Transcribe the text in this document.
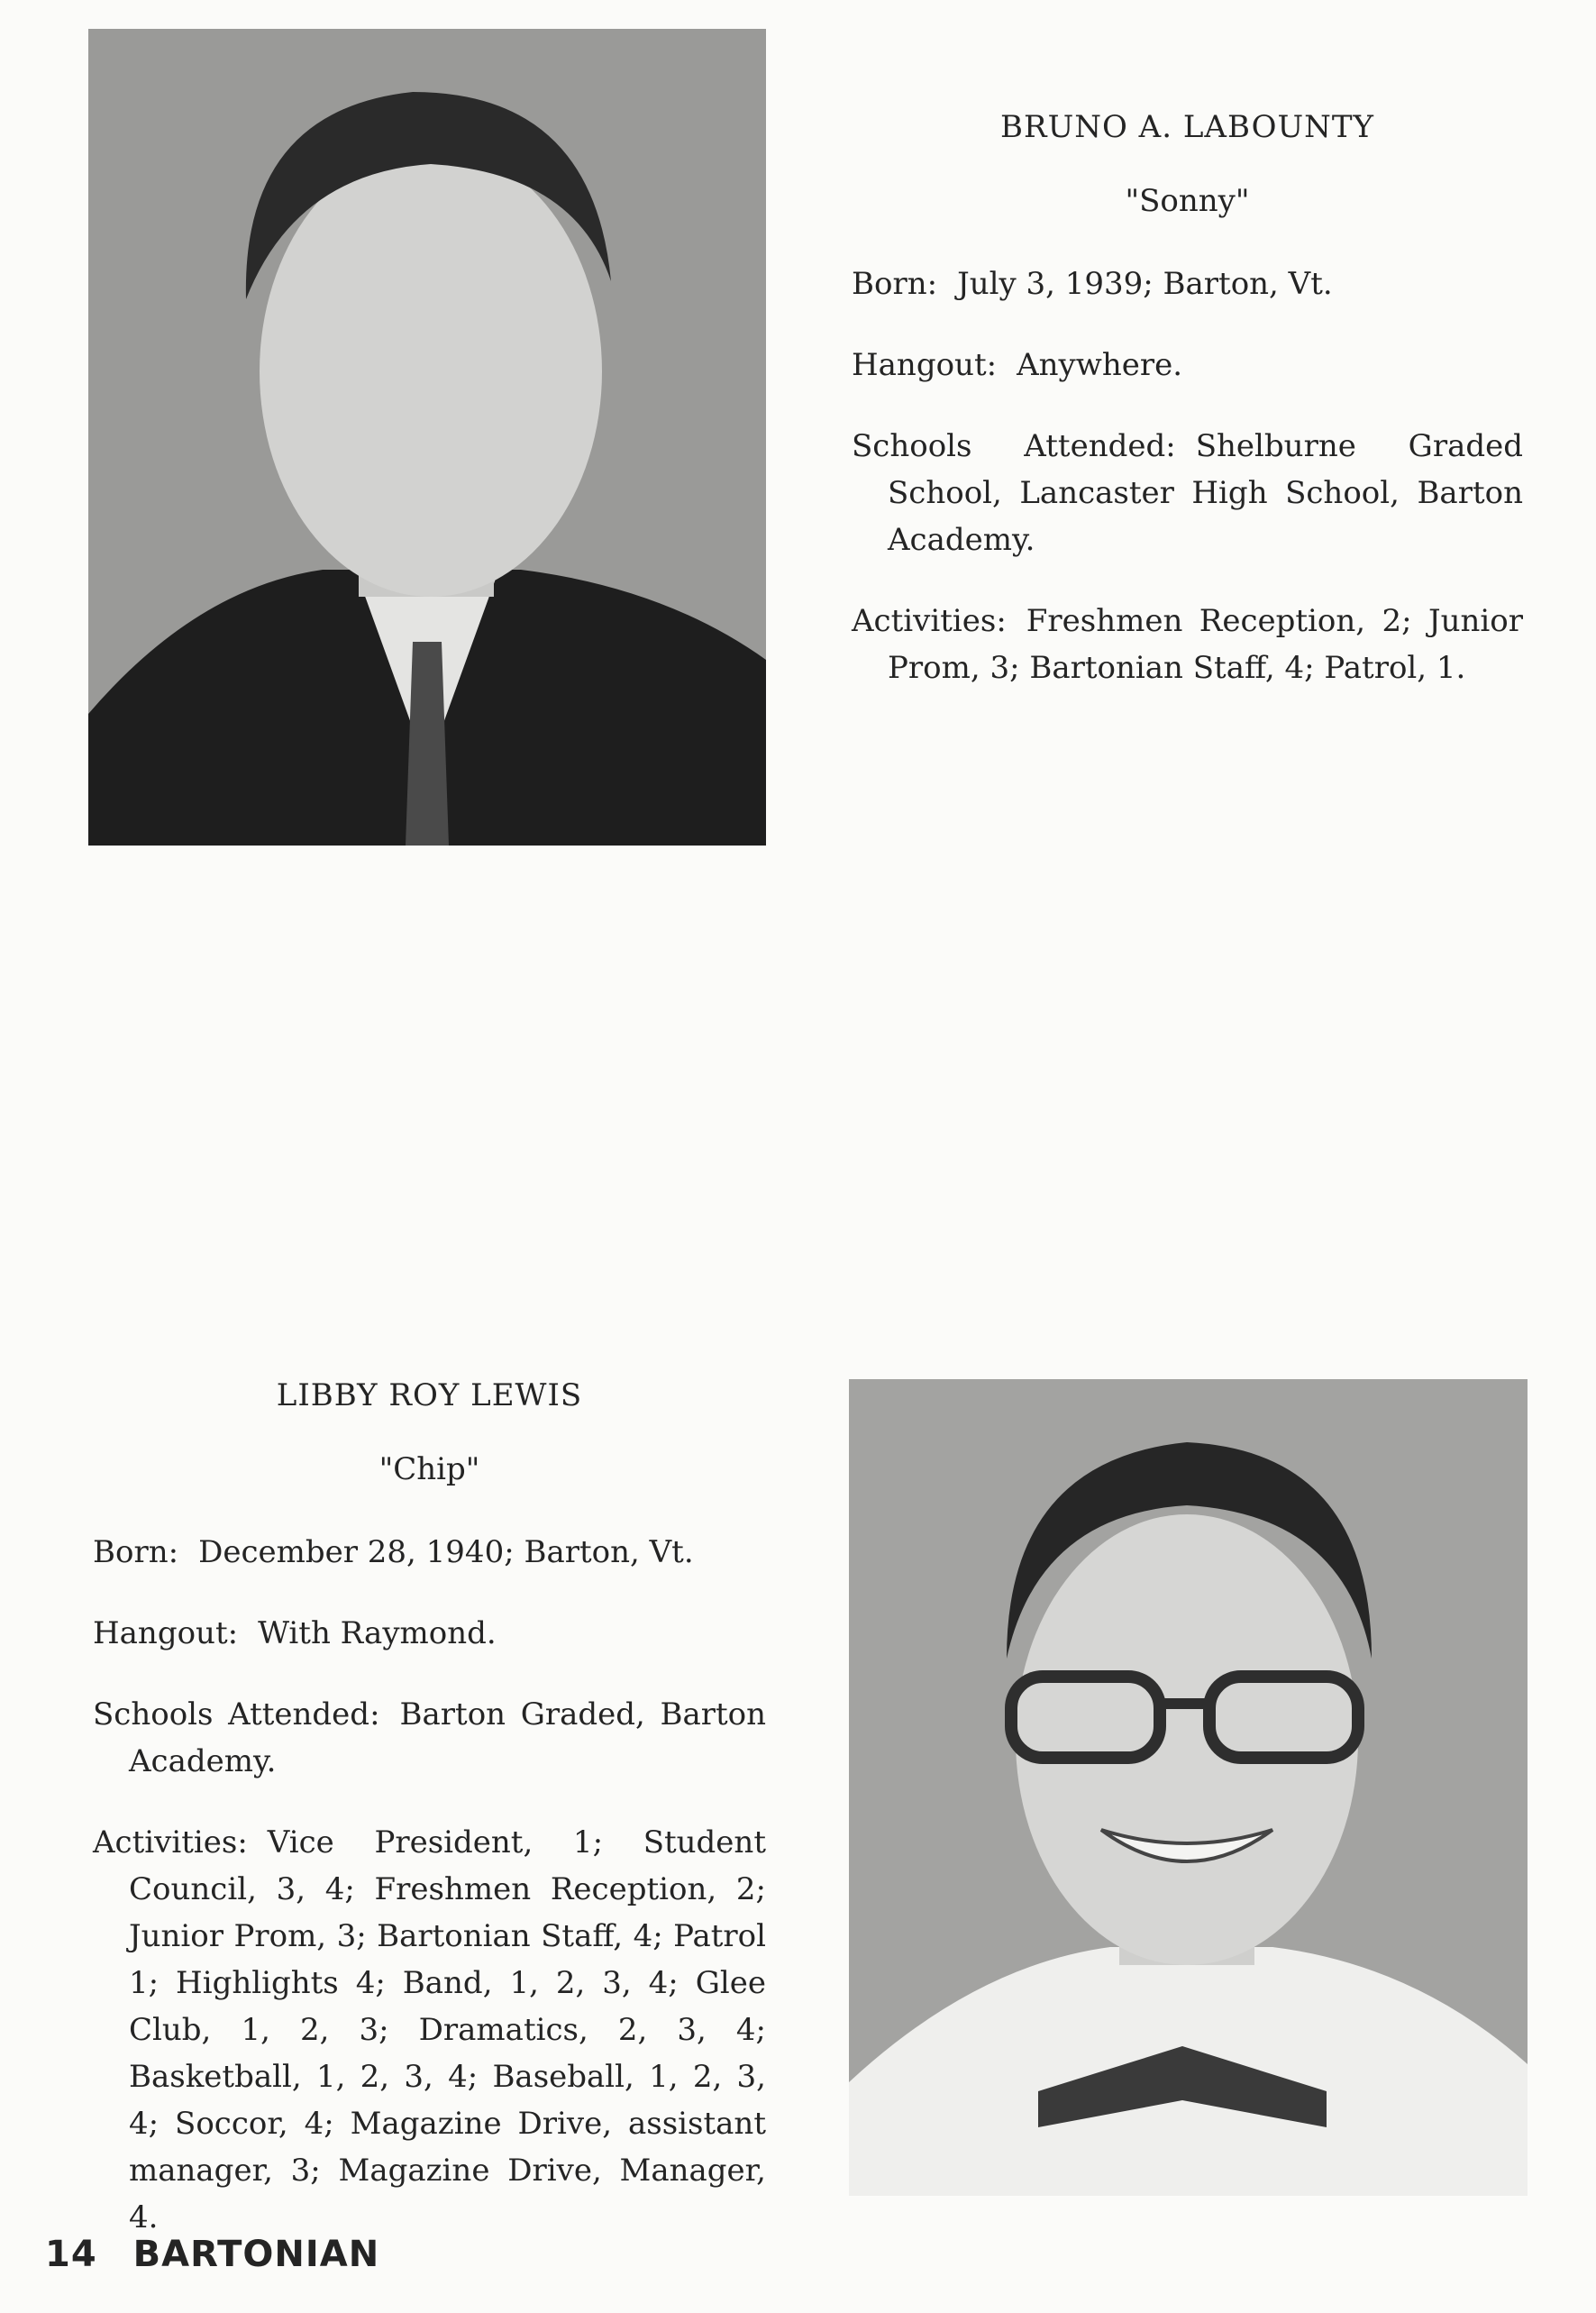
BRUNO A. LABOUNTY
"Sonny"
Born: July 3, 1939; Barton, Vt.
Hangout: Anywhere.
Schools Attended: Shelburne Graded School, Lancaster High School, Barton Academy.
Activities: Freshmen Reception, 2; Junior Prom, 3; Bartonian Staff, 4; Patrol, 1.
LIBBY ROY LEWIS
"Chip"
Born: December 28, 1940; Barton, Vt.
Hangout: With Raymond.
Schools Attended: Barton Graded, Barton Academy.
Activities: Vice President, 1; Student Council, 3, 4; Freshmen Reception, 2; Junior Prom, 3; Bartonian Staff, 4; Patrol 1; Highlights 4; Band, 1, 2, 3, 4; Glee Club, 1, 2, 3; Dramatics, 2, 3, 4; Basketball, 1, 2, 3, 4; Baseball, 1, 2, 3, 4; Soccor, 4; Magazine Drive, assistant manager, 3; Magazine Drive, Manager, 4.
14 BARTONIAN
